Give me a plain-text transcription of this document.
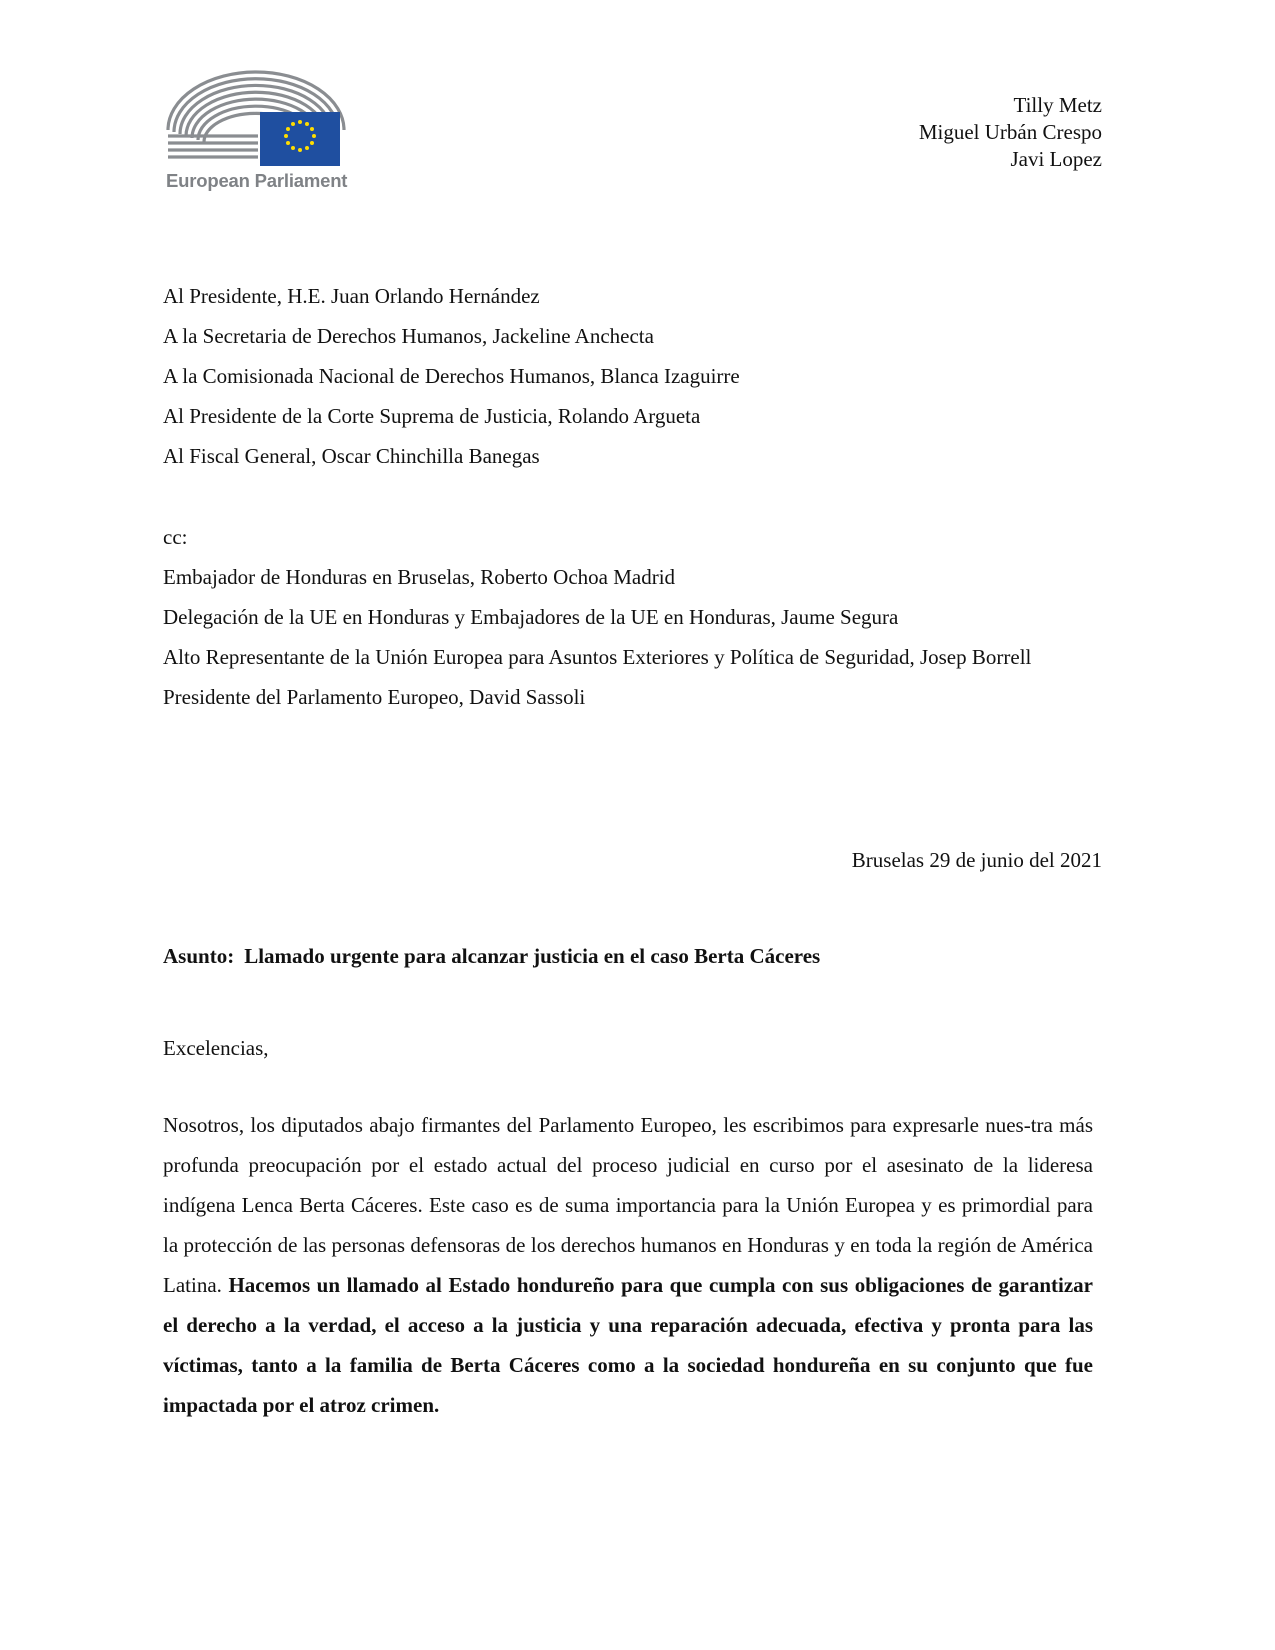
European Parliament
Tilly Metz
Miguel Urbán Crespo
Javi Lopez
Al Presidente, H.E. Juan Orlando Hernández
A la Secretaria de Derechos Humanos, Jackeline Anchecta
A la Comisionada Nacional de Derechos Humanos, Blanca Izaguirre
Al Presidente de la Corte Suprema de Justicia, Rolando Argueta
Al Fiscal General, Oscar Chinchilla Banegas
cc:
Embajador de Honduras en Bruselas, Roberto Ochoa Madrid
Delegación de la UE en Honduras y Embajadores de la UE en Honduras, Jaume Segura
Alto Representante de la Unión Europea para Asuntos Exteriores y Política de Seguridad, Josep Borrell
Presidente del Parlamento Europeo, David Sassoli
Bruselas 29 de junio del 2021
Asunto: Llamado urgente para alcanzar justicia en el caso Berta Cáceres
Excelencias,
Nosotros, los diputados abajo firmantes del Parlamento Europeo, les escribimos para expresarle nues-tra más profunda preocupación por el estado actual del proceso judicial en curso por el asesinato de la lideresa indígena Lenca Berta Cáceres. Este caso es de suma importancia para la Unión Europea y es primordial para la protección de las personas defensoras de los derechos humanos en Honduras y en toda la región de América Latina. Hacemos un llamado al Estado hondureño para que cumpla con sus obligaciones de garantizar el derecho a la verdad, el acceso a la justicia y una reparación adecuada, efectiva y pronta para las víctimas, tanto a la familia de Berta Cáceres como a la sociedad hondureña en su conjunto que fue impactada por el atroz crimen.
